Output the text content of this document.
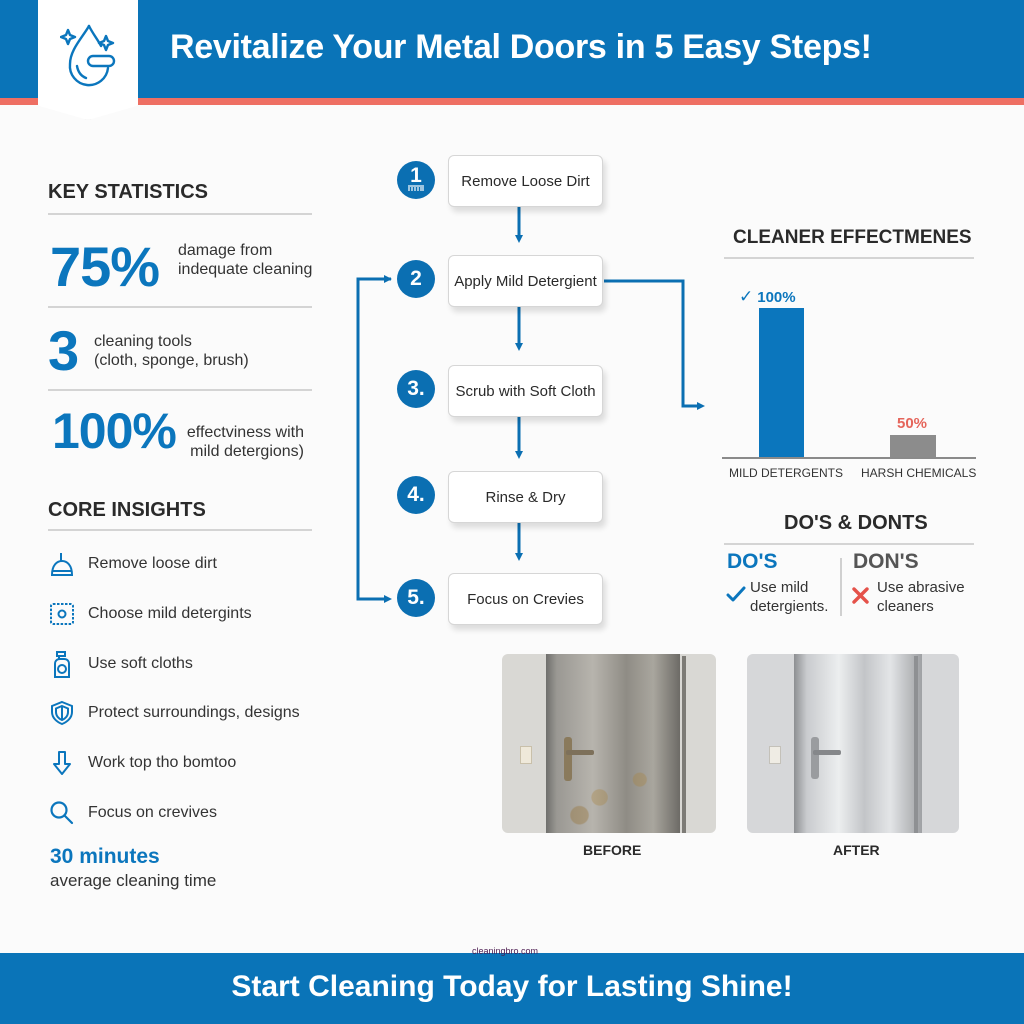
Revitalize Your Metal Doors in 5 Easy Steps!
KEY STATISTICS
75% damage from
indequate cleaning
3 cleaning tools
(cloth, sponge, brush)
100% effectviness with
mild detergions)
CORE INSIGHTS
Remove loose dirt
Choose mild detergints
Use soft cloths
Protect surroundings, designs
Work top tho bomtoo
Focus on crevives
30 minutes
average cleaning time
1	Remove Loose Dirt
2	Apply Mild Detergient
3.	Scrub with Soft Cloth
4.	Rinse & Dry
5.	Focus on Crevies
CLEANER EFFECTMENES
✓ 100%
50%
MILD DETERGENTS HARSH CHEMICALS
DO'S & DONTS
DO'S	DON'S
Use mild
detergients.
Use abrasive
cleaners
BEFORE	AFTER
cleaningbro.com
Start Cleaning Today for Lasting Shine!
